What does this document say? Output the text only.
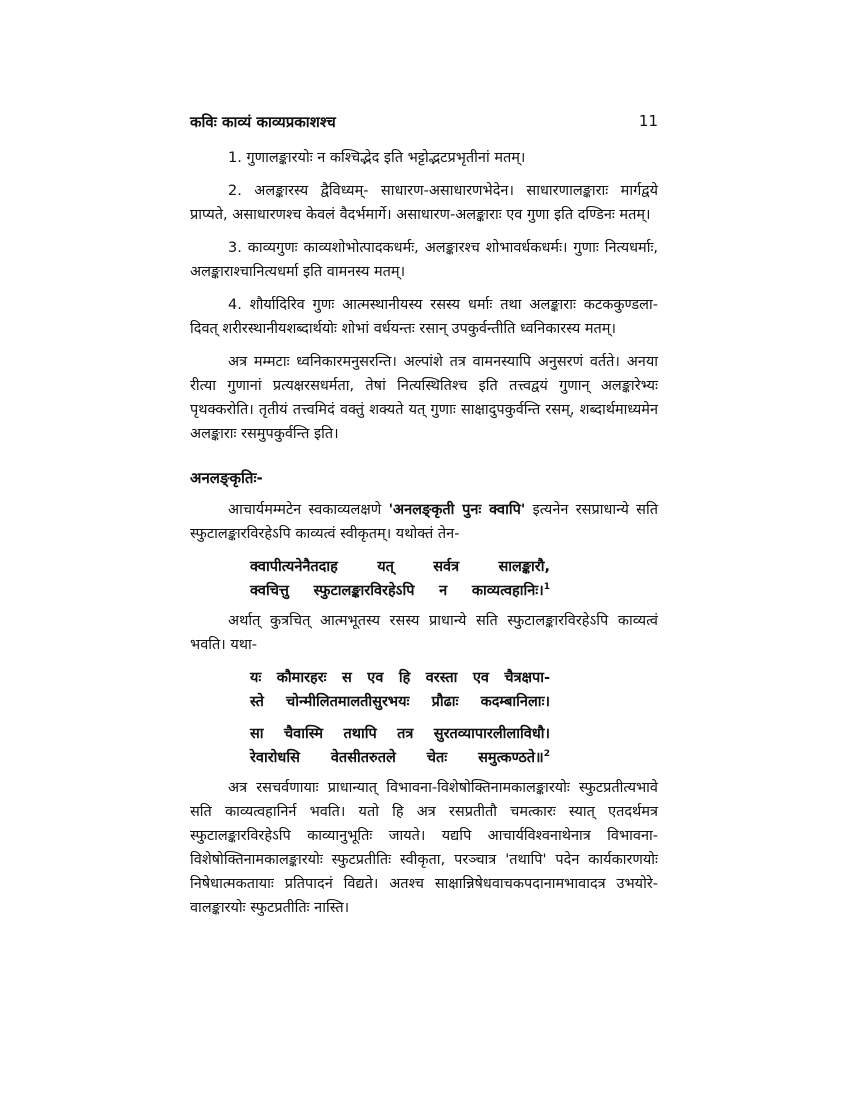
कविः काव्यं काव्यप्रकाशश्च	11

1. गुणालङ्कारयोः न कश्चिद्भेद इति भट्टोद्भटप्रभृतीनां मतम्।

2. अलङ्कारस्य द्वैविध्यम्- साधारण-असाधारणभेदेन। साधारणालङ्काराः मार्गद्वये प्राप्यते, असाधारणश्च केवलं वैदर्भमार्गे। असाधारण-अलङ्काराः एव गुणा इति दण्डिनः मतम्।

3. काव्यगुणः काव्यशोभोत्पादकधर्मः, अलङ्कारश्च शोभावर्धकधर्मः। गुणाः नित्यधर्माः, अलङ्काराश्चानित्यधर्मा इति वामनस्य मतम्।

4. शौर्यादिरिव गुणः आत्मस्थानीयस्य रसस्य धर्माः तथा अलङ्काराः कटककुण्डला-दिवत् शरीरस्थानीयशब्दार्थयोः शोभां वर्धयन्तः रसान् उपकुर्वन्तीति ध्वनिकारस्य मतम्।

अत्र मम्मटाः ध्वनिकारमनुसरन्ति। अल्पांशे तत्र वामनस्यापि अनुसरणं वर्तते। अनया रीत्या गुणानां प्रत्यक्षरसधर्मता, तेषां नित्यस्थितिश्च इति तत्त्वद्वयं गुणान् अलङ्कारेभ्यः पृथक्करोति। तृतीयं तत्त्वमिदं वक्तुं शक्यते यत् गुणाः साक्षादुपकुर्वन्ति रसम्, शब्दार्थमाध्यमेन अलङ्काराः रसमुपकुर्वन्ति इति।

अनलङ्कृतिः-

आचार्यमम्मटेन स्वकाव्यलक्षणे 'अनलङ्कृती पुनः क्वापि' इत्यनेन रसप्राधान्ये सति स्फुटालङ्कारविरहेऽपि काव्यत्वं स्वीकृतम्। यथोक्तं तेन-

क्वापीत्यनेनैतदाह यत् सर्वत्र सालङ्कारौ,
क्वचित्तु स्फुटालङ्कारविरहेऽपि न काव्यत्वहानिः।$^1$

अर्थात् कुत्रचित् आत्मभूतस्य रसस्य प्राधान्ये सति स्फुटालङ्कारविरहेऽपि काव्यत्वं भवति। यथा-

यः कौमारहरः स एव हि वरस्ता एव चैत्रक्षपा-
स्ते चोन्मीलितमालतीसुरभयः प्रौढाः कदम्बानिलाः।
सा चैवास्मि तथापि तत्र सुरतव्यापारलीलाविधौ।
रेवारोधसि वेतसीतरुतले चेतः समुत्कण्ठते॥$^2$

अत्र रसचर्वणायाः प्राधान्यात् विभावना-विशेषोक्तिनामकालङ्कारयोः स्फुटप्रतीत्यभावे सति काव्यत्वहानिर्न भवति। यतो हि अत्र रसप्रतीतौ चमत्कारः स्यात् एतदर्थमत्र स्फुटालङ्कारविरहेऽपि काव्यानुभूतिः जायते। यद्यपि आचार्यविश्वनाथेनात्र विभावना-विशेषोक्तिनामकालङ्कारयोः स्फुटप्रतीतिः स्वीकृता, परञ्चात्र 'तथापि' पदेन कार्यकारणयोः निषेधात्मकतायाः प्रतिपादनं विद्यते। अतश्च साक्षान्निषेधवाचकपदानामभावादत्र उभयोरे-वालङ्कारयोः स्फुटप्रतीतिः नास्ति।
